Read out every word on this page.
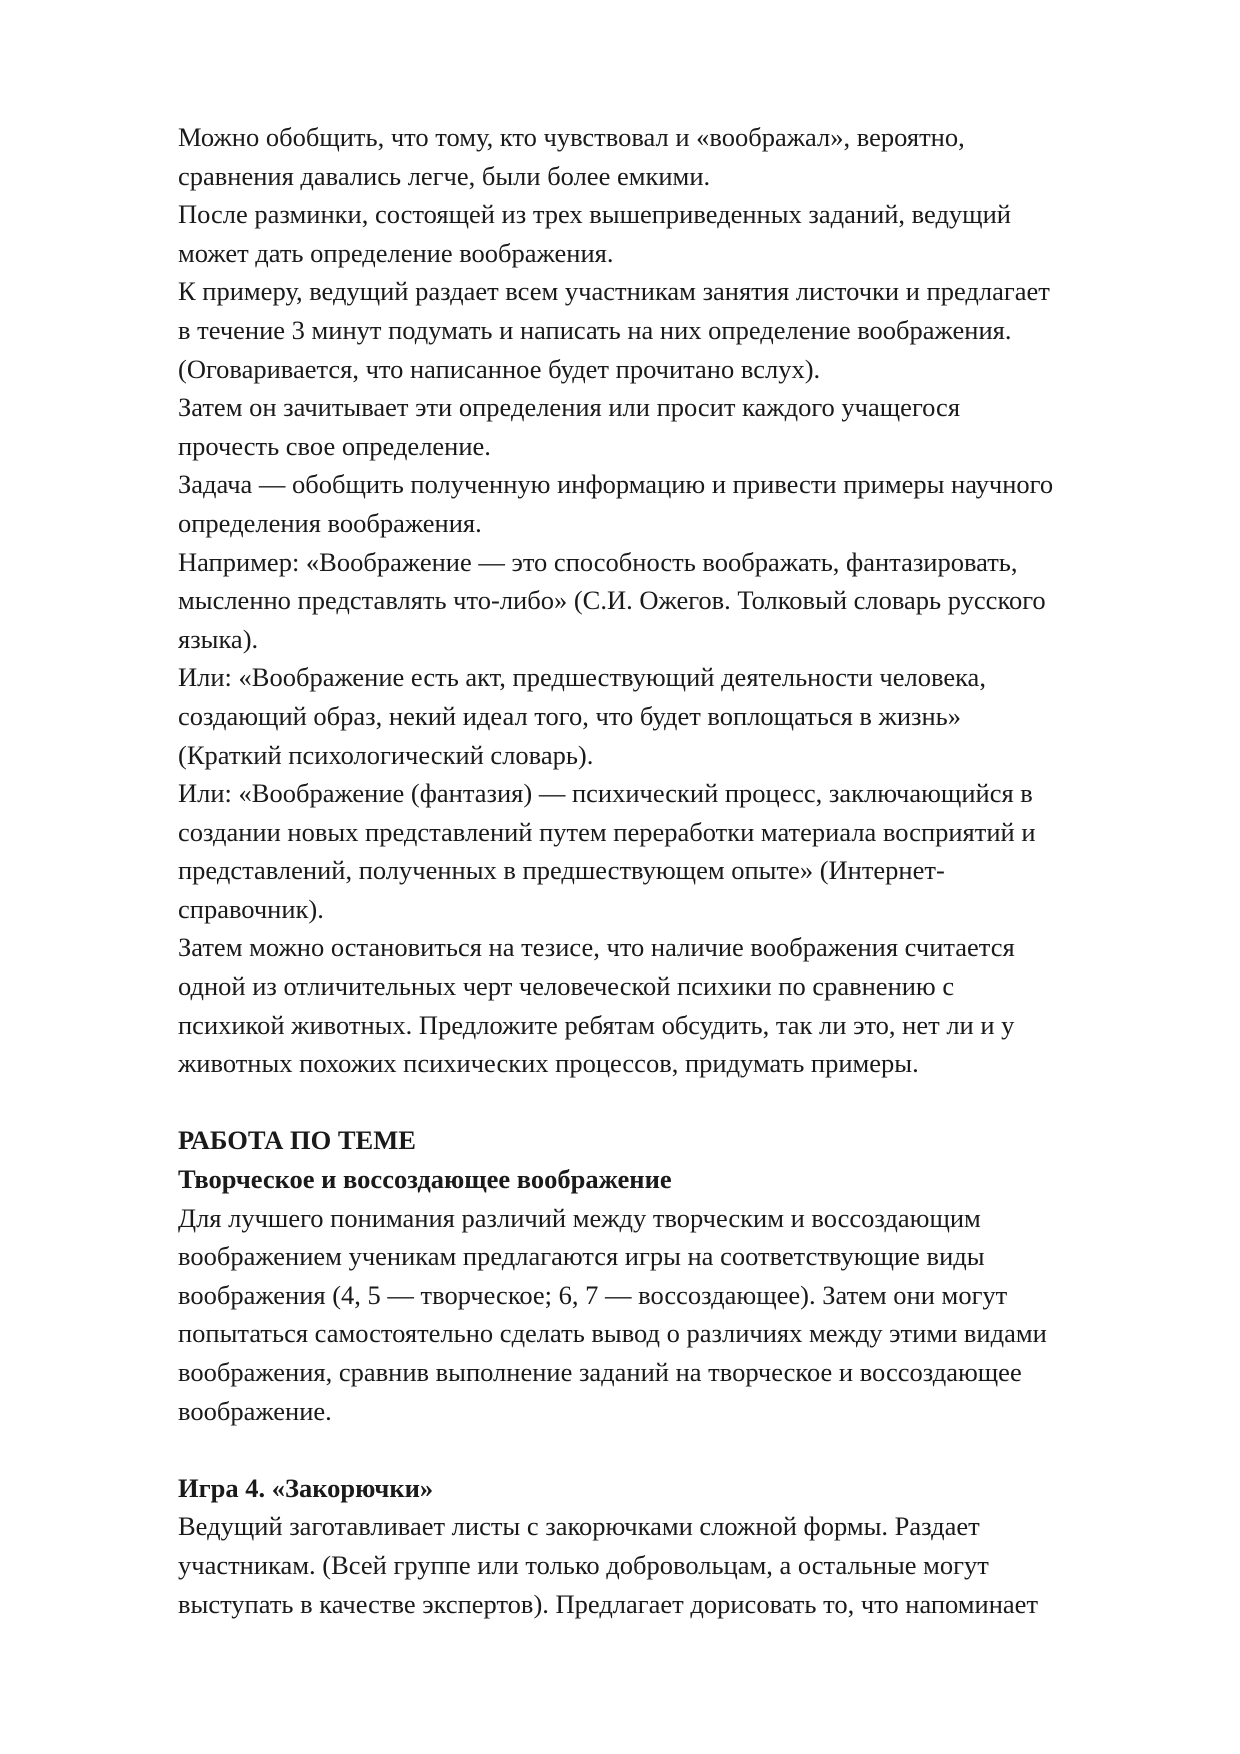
Можно обобщить, что тому, кто чувствовал и «воображал», вероятно,
сравнения давались легче, были более емкими.
После разминки, состоящей из трех вышеприведенных заданий, ведущий
может дать определение воображения.
К примеру, ведущий раздает всем участникам занятия листочки и предлагает
в течение 3 минут подумать и написать на них определение воображения.
(Оговаривается, что написанное будет прочитано вслух).
Затем он зачитывает эти определения или просит каждого учащегося
прочесть свое определение.
Задача — обобщить полученную информацию и привести примеры научного
определения воображения.
Например: «Воображение — это способность воображать, фантазировать,
мысленно представлять что-либо» (С.И. Ожегов. Толковый словарь русского
языка).
Или: «Воображение есть акт, предшествующий деятельности человека,
создающий образ, некий идеал того, что будет воплощаться в жизнь»
(Краткий психологический словарь).
Или: «Воображение (фантазия) — психический процесс, заключающийся в
создании новых представлений путем переработки материала восприятий и
представлений, полученных в предшествующем опыте» (Интернет-
справочник).
Затем можно остановиться на тезисе, что наличие воображения считается
одной из отличительных черт человеческой психики по сравнению с
психикой животных. Предложите ребятам обсудить, так ли это, нет ли и у
животных похожих психических процессов, придумать примеры.
РАБОТА ПО ТЕМЕ
Творческое и воссоздающее воображение
Для лучшего понимания различий между творческим и воссоздающим
воображением ученикам предлагаются игры на соответствующие виды
воображения (4, 5 — творческое; 6, 7 — воссоздающее). Затем они могут
попытаться самостоятельно сделать вывод о различиях между этими видами
воображения, сравнив выполнение заданий на творческое и воссоздающее
воображение.
Игра 4. «Закорючки»
Ведущий заготавливает листы с закорючками сложной формы. Раздает
участникам. (Всей группе или только добровольцам, а остальные могут
выступать в качестве экспертов). Предлагает дорисовать то, что напоминает
